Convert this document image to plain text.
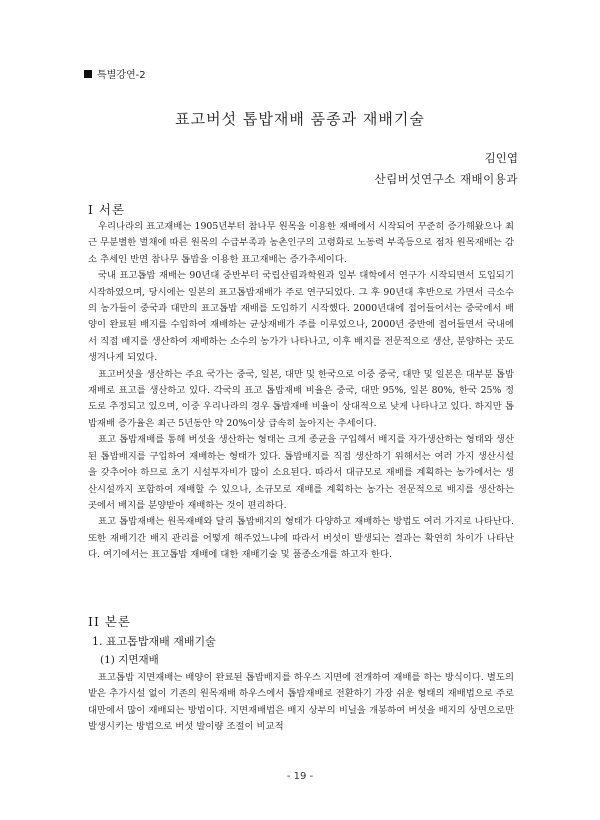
특별강연-2
표고버섯 톱밥재배 품종과 재배기술
김인엽
산림버섯연구소 재배이용과
I 서론

우리나라의 표고재배는 1905년부터 참나무 원목을 이용한 재배에서 시작되어 꾸준히 증가해왔으나 최근 무분별한 벌채에 따른 원목의 수급부족과 농촌인구의 고령화로 노동력 부족등으로 점차 원목재배는 감소 추세인 반면 참나무 톱밥을 이용한 표고재배는 증가추세이다.

국내 표고톱밥 재배는 90년대 중반부터 국립산림과학원과 일부 대학에서 연구가 시작되면서 도입되기 시작하였으며, 당시에는 일본의 표고톱밥재배가 주로 연구되었다. 그 후 90년대 후반으로 가면서 극소수의 농가들이 중국과 대만의 표고톱밥 재배를 도입하기 시작했다. 2000년대에 접어들어서는 중국에서 배양이 완료된 배지를 수입하여 재배하는 균상재배가 주를 이루었으나, 2000년 중반에 접어들면서 국내에서 직접 배지를 생산하여 재배하는 소수의 농가가 나타나고, 이후 배지를 전문적으로 생산, 분양하는 곳도 생겨나게 되었다.

표고버섯을 생산하는 주요 국가는 중국, 일본, 대만 및 한국으로 이중 중국, 대만 및 일본은 대부분 톱밥재배로 표고를 생산하고 있다. 각국의 표고 톱밥재배 비율은 중국, 대만 95%, 일본 80%, 한국 25% 정도로 추정되고 있으며, 이중 우리나라의 경우 톱밥재배 비율이 상대적으로 낮게 나타나고 있다. 하지만 톱밥재배 증가율은 최근 5년동안 약 20%이상 급속히 높아지는 추세이다.

표고 톱밥재배를 통해 버섯을 생산하는 형태는 크게 종균을 구입해서 배지를 자가생산하는 형태와 생산된 톱밥배지를 구입하여 재배하는 형태가 있다. 톱밥배지를 직접 생산하기 위해서는 여러 가지 생산시설을 갖추어야 하므로 초기 시설투자비가 많이 소요된다. 따라서 대규모로 재배를 계획하는 농가에서는 생산시설까지 포함하여 재배할 수 있으나, 소규모로 재배를 계획하는 농가는 전문적으로 배지를 생산하는 곳에서 배지를 분양받아 재배하는 것이 편리하다.

표고 톱밥재배는 원목재배와 달리 톱밥배지의 형태가 다양하고 재배하는 방법도 여러 가지로 나타난다. 또한 재배기간 배지 관리를 어떻게 해주었느냐에 따라서 버섯이 발생되는 결과는 확연히 차이가 나타난다. 여기에서는 표고톱밥 재배에 대한 재배기술 및 품종소개를 하고자 한다.

II 본론
1. 표고톱밥재배 재배기술
(1) 지면재배

표고톱밥 지면재배는 배양이 완료된 톱밥배지를 하우스 지면에 전개하여 재배를 하는 방식이다. 별도의 밭은 추가시설 없이 기존의 원목재배 하우스에서 톱밥재배로 전환하기 가장 쉬운 형태의 재배법으로 주로 대만에서 많이 재배되는 방법이다. 지면재배법은 배지 상부의 비닐을 개봉하여 버섯을 배지의 상면으로만 발생시키는 방법으로 버섯 발이량 조절이 비교적

- 19 -
